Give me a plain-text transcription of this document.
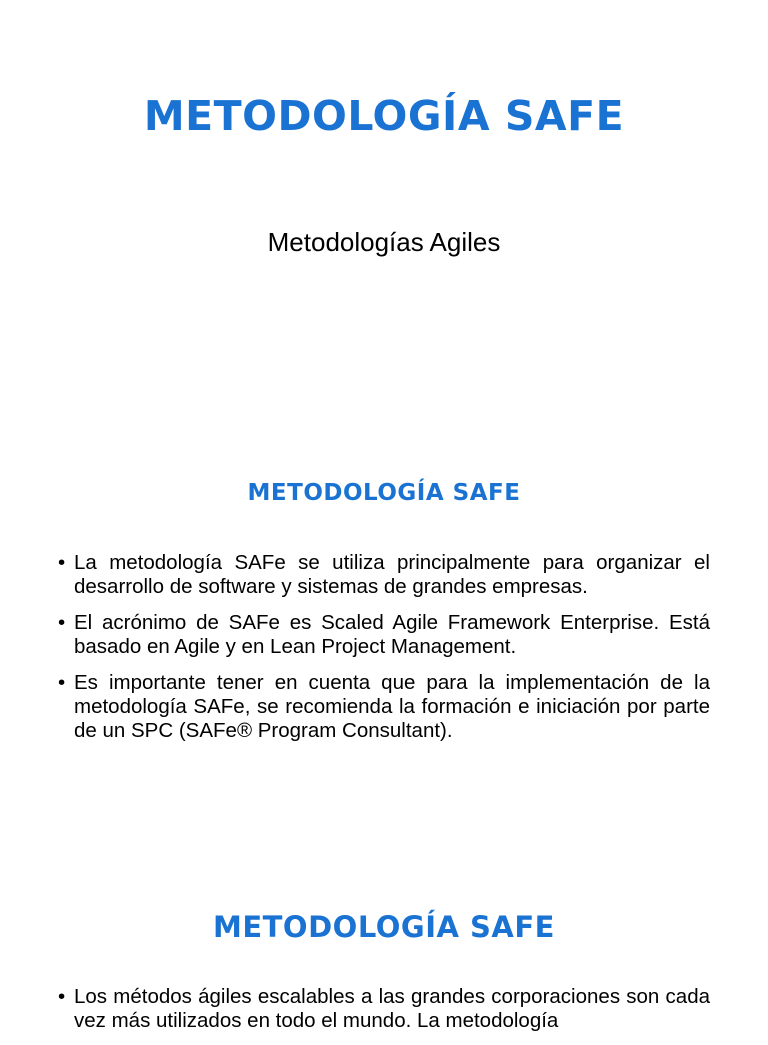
METODOLOGÍA SAFE

Metodologías Agiles

METODOLOGÍA SAFE
• La metodología SAFe se utiliza principalmente para organizar el desarrollo de software y sistemas de grandes empresas.
• El acrónimo de SAFe es Scaled Agile Framework Enterprise. Está basado en Agile y en Lean Project Management.
• Es importante tener en cuenta que para la implementación de la metodología SAFe, se recomienda la formación e iniciación por parte de un SPC (SAFe® Program Consultant).
METODOLOGÍA SAFE
• Los métodos ágiles escalables a las grandes corporaciones son cada vez más utilizados en todo el mundo. La metodología
